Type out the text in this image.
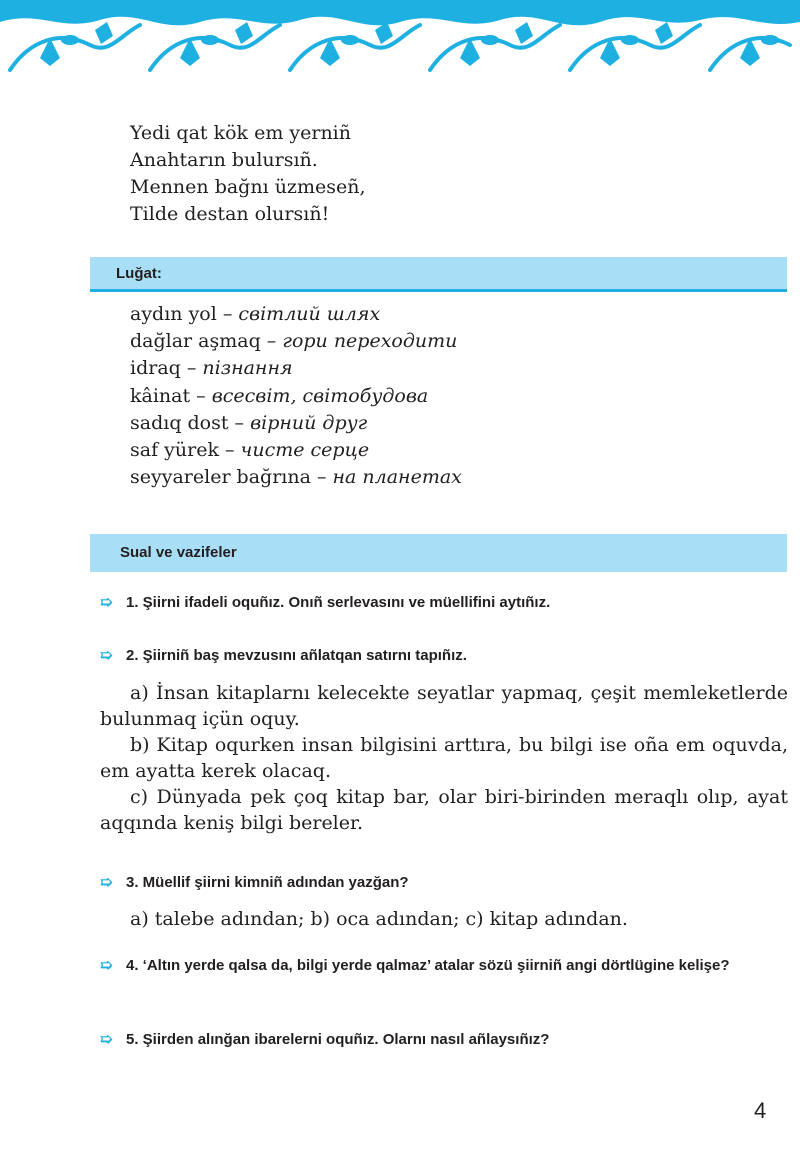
Yedi qat kök em yerniñ
Anahtarın bulursıñ.
Mennen bağnı üzmeseñ,
Tilde destan olursıñ!
Luğat:
aydın yol – світлий шлях
dağlar aşmaq – гори переходити
idraq – пізнання
kâinat – всесвіт, світобудова
sadıq dost – вірний друг
saf yürek – чисте серце
seyyareler bağrına – на планетах
Sual ve vazifeler
➯ 1. Şiirni ifadeli oquñız. Onıñ serlevasını ve müellifini aytıñız.
➯ 2. Şiirniñ baş mevzusını añlatqan satırnı tapıñız.

a) İnsan kitaplarnı kelecekte seyatlar yapmaq, çeşit memleketlerde bulunmaq içün oquy.

b) Kitap oqurken insan bilgisini arttıra, bu bilgi ise oña em oquvda, em ayatta kerek olacaq.

c) Dünyada pek çoq kitap bar, olar biri-birinden meraqlı olıp, ayat aqqında keniş bilgi bereler.

➯ 3. Müellif şiirni kimniñ adından yazğan?

a) talebe adından; b) oca adından; c) kitap adından.

➯ 4. ‘Altın yerde qalsa da, bilgi yerde qalmaz’ atalar sözü şiirniñ angi dörtlügine kelişe?
➯ 5. Şiirden alınğan ibarelerni oquñız. Olarnı nasıl añlaysıñız?
4
